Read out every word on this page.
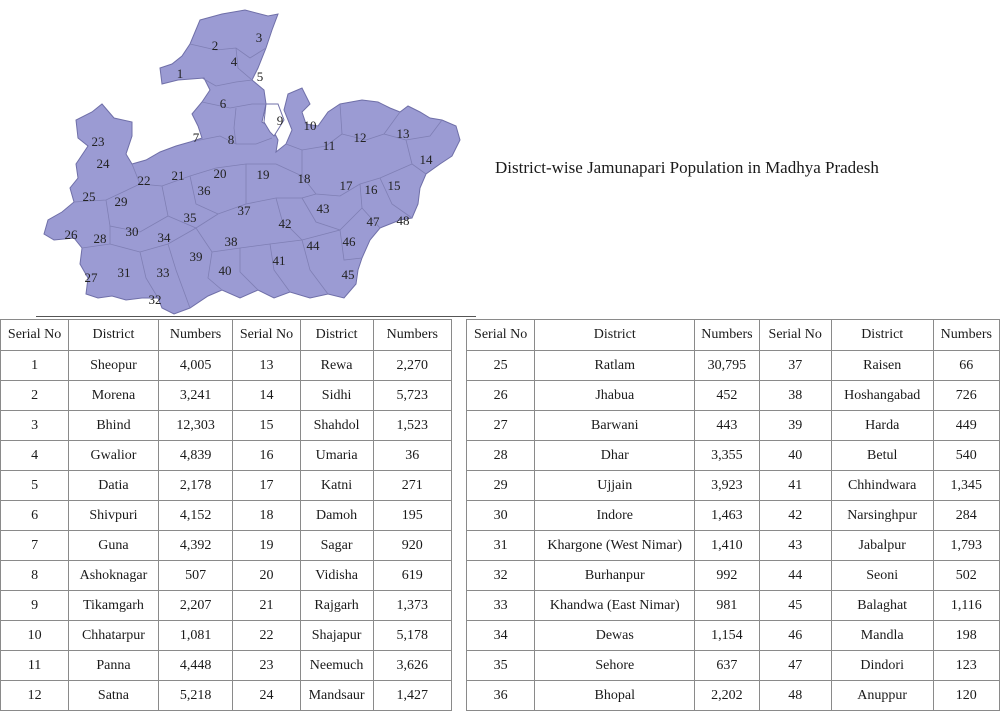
1
2
3
4
5
6
7 8
9 10
11
12 13
14
15
16
17
18
19
20
21
22
23
24
25
26
27
28
29
30
31
32
33
34
35
36
37
38
39
40
41
42
43
44
45
46
47 48
District-wise Jamunapari Population in Madhya Pradesh
Serial No	District	Numbers	Serial No	District	Numbers
1	Sheopur	4,005	13	Rewa	2,270
2	Morena	3,241	14	Sidhi	5,723
3	Bhind	12,303	15	Shahdol	1,523
4	Gwalior	4,839	16	Umaria	36
5	Datia	2,178	17	Katni	271
6	Shivpuri	4,152	18	Damoh	195
7	Guna	4,392	19	Sagar	920
8	Ashoknagar	507	20	Vidisha	619
9	Tikamgarh	2,207	21	Rajgarh	1,373
10	Chhatarpur	1,081	22	Shajapur	5,178
11	Panna	4,448	23	Neemuch	3,626
12	Satna	5,218	24	Mandsaur	1,427
Serial No	District	Numbers	Serial No	District	Numbers
25	Ratlam	30,795	37	Raisen	66
26	Jhabua	452	38	Hoshangabad	726
27	Barwani	443	39	Harda	449
28	Dhar	3,355	40	Betul	540
29	Ujjain	3,923	41	Chhindwara	1,345
30	Indore	1,463	42	Narsinghpur	284
31	Khargone (West Nimar)	1,410	43	Jabalpur	1,793
32	Burhanpur	992	44	Seoni	502
33	Khandwa (East Nimar)	981	45	Balaghat	1,116
34	Dewas	1,154	46	Mandla	198
35	Sehore	637	47	Dindori	123
36	Bhopal	2,202	48	Anuppur	120
